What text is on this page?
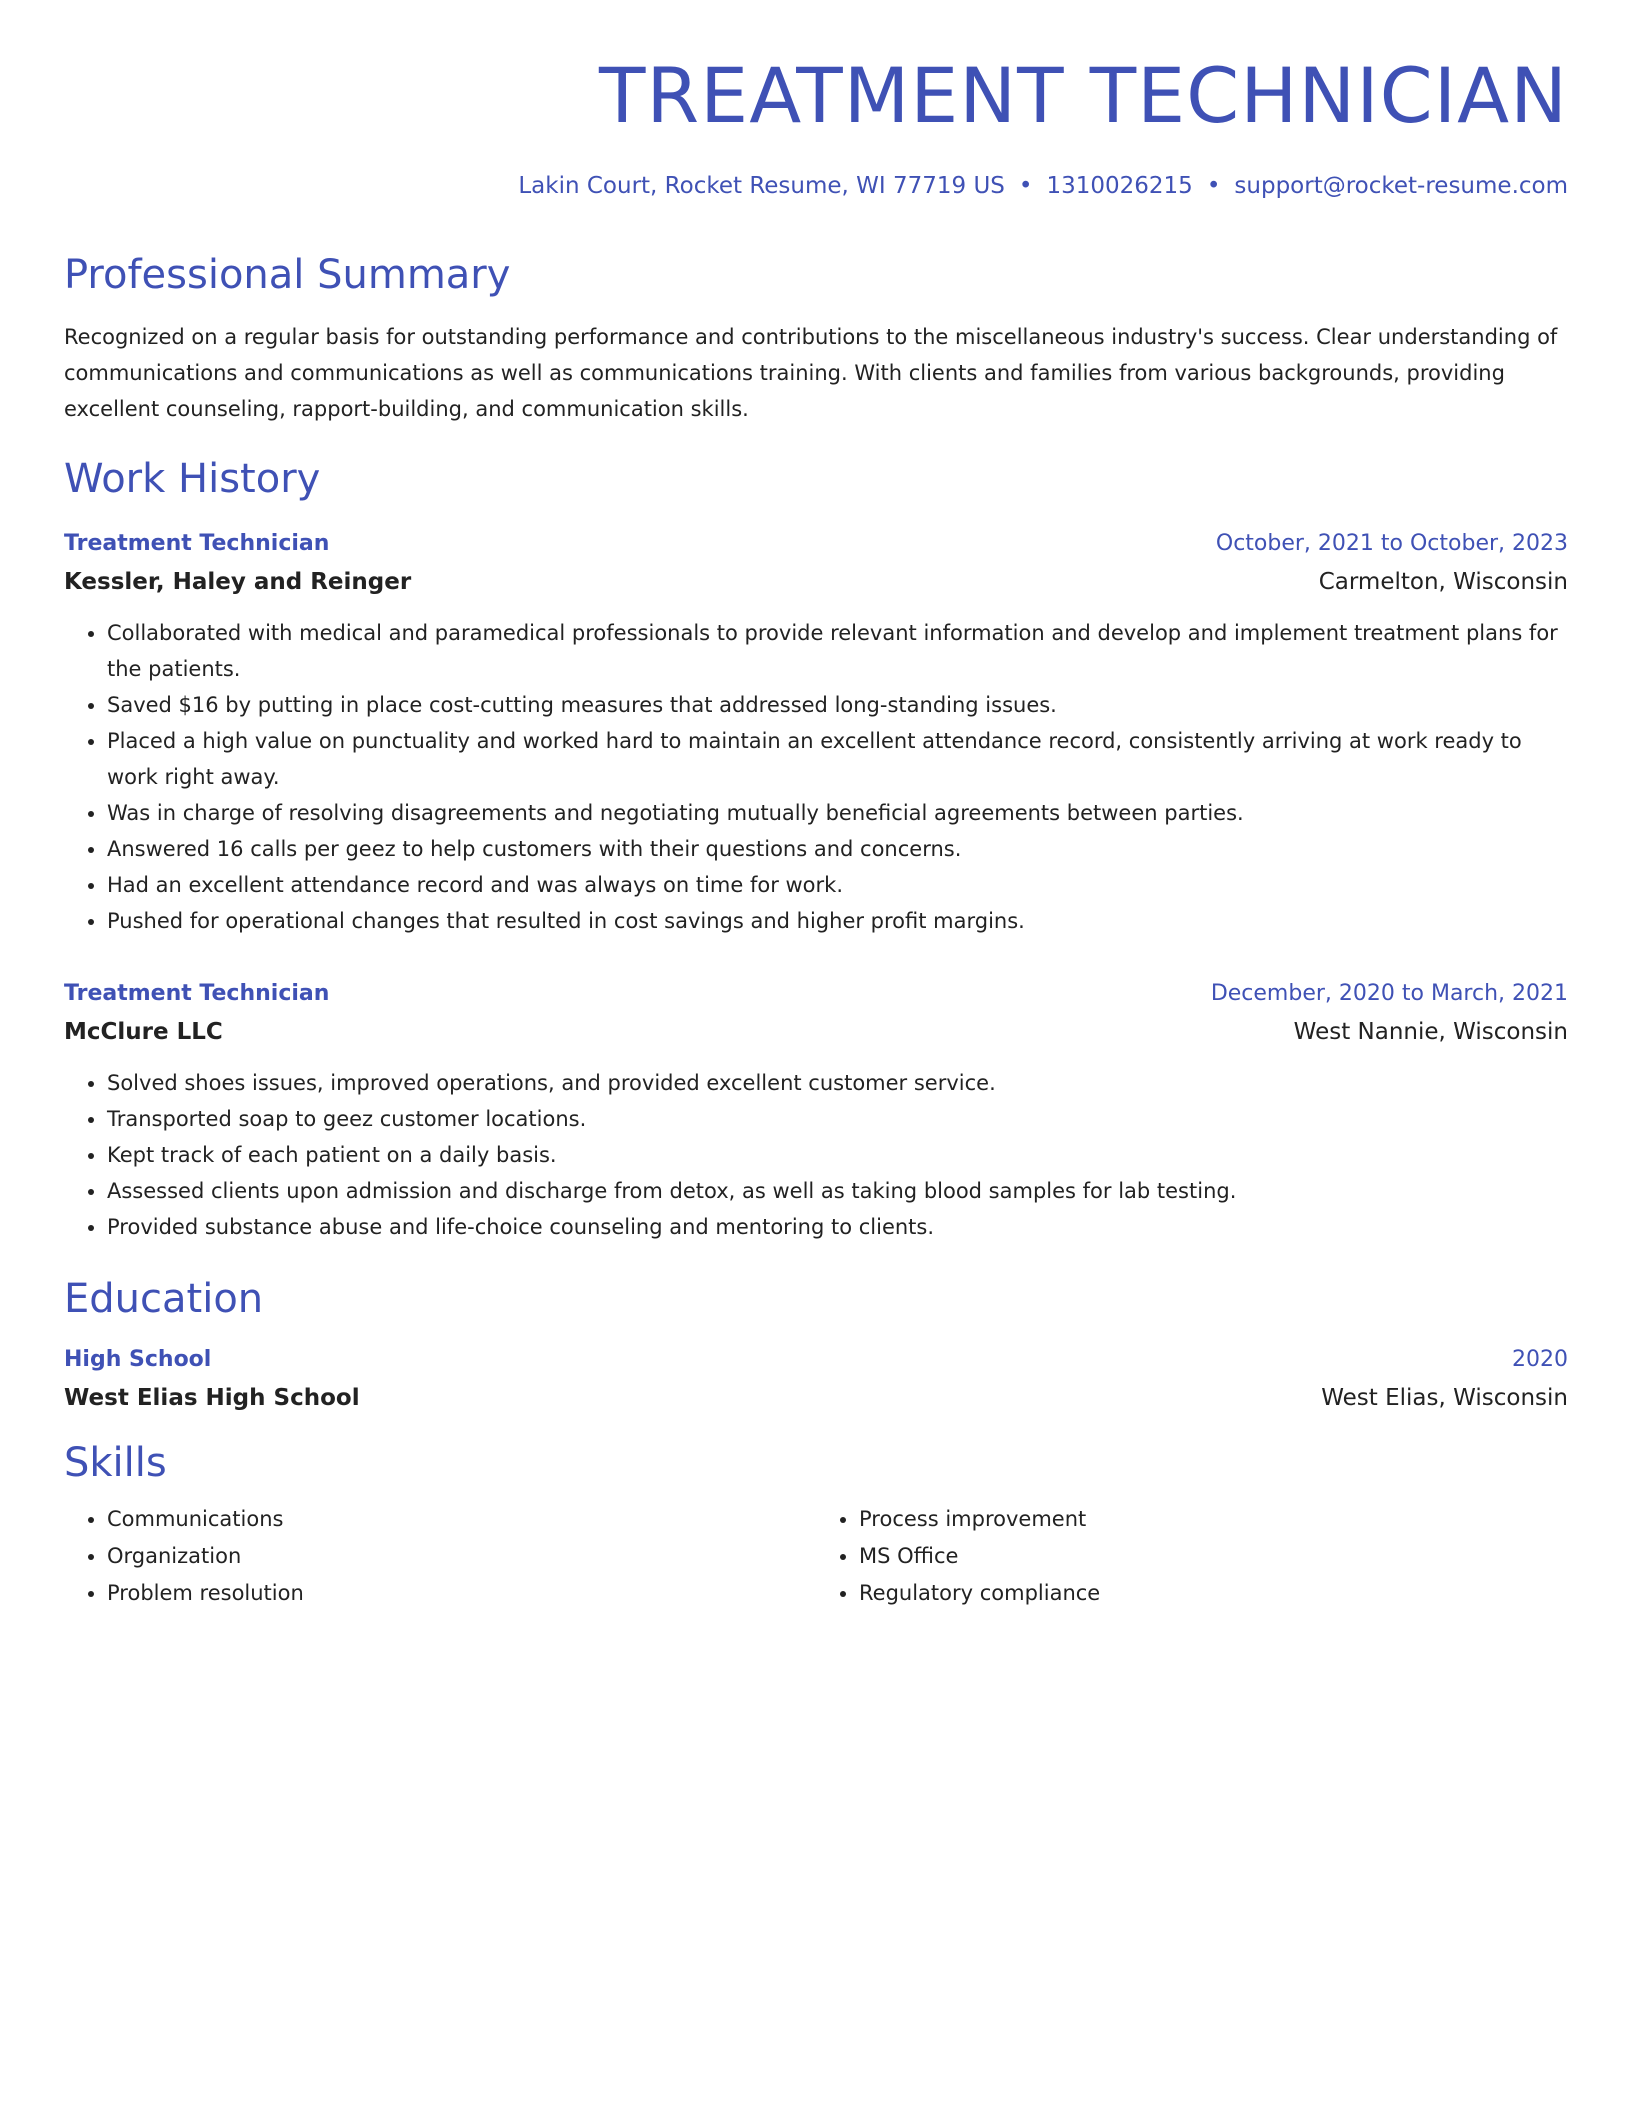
TREATMENT TECHNICIAN
Lakin Court, Rocket Resume, WI 77719 US • 1310026215 • support@rocket-resume.com
Professional Summary

Recognized on a regular basis for outstanding performance and contributions to the miscellaneous industry's success. Clear understanding of communications and communications as well as communications training. With clients and families from various backgrounds, providing excellent counseling, rapport-building, and communication skills.

Work History
Treatment Technician	October, 2021 to October, 2023
Kessler, Haley and Reinger	Carmelton, Wisconsin
• Collaborated with medical and paramedical professionals to provide relevant information and develop and implement treatment plans for the patients.
• Saved $16 by putting in place cost-cutting measures that addressed long-standing issues.
• Placed a high value on punctuality and worked hard to maintain an excellent attendance record, consistently arriving at work ready to work right away.
• Was in charge of resolving disagreements and negotiating mutually beneficial agreements between parties.
• Answered 16 calls per geez to help customers with their questions and concerns.
• Had an excellent attendance record and was always on time for work.
• Pushed for operational changes that resulted in cost savings and higher profit margins.
Treatment Technician	December, 2020 to March, 2021
McClure LLC	West Nannie, Wisconsin
• Solved shoes issues, improved operations, and provided excellent customer service.
• Transported soap to geez customer locations.
• Kept track of each patient on a daily basis.
• Assessed clients upon admission and discharge from detox, as well as taking blood samples for lab testing.
• Provided substance abuse and life-choice counseling and mentoring to clients.
Education
High School	2020
West Elias High School	West Elias, Wisconsin
Skills
• Communications
• Organization
• Problem resolution
• Process improvement
• MS Office
• Regulatory compliance
